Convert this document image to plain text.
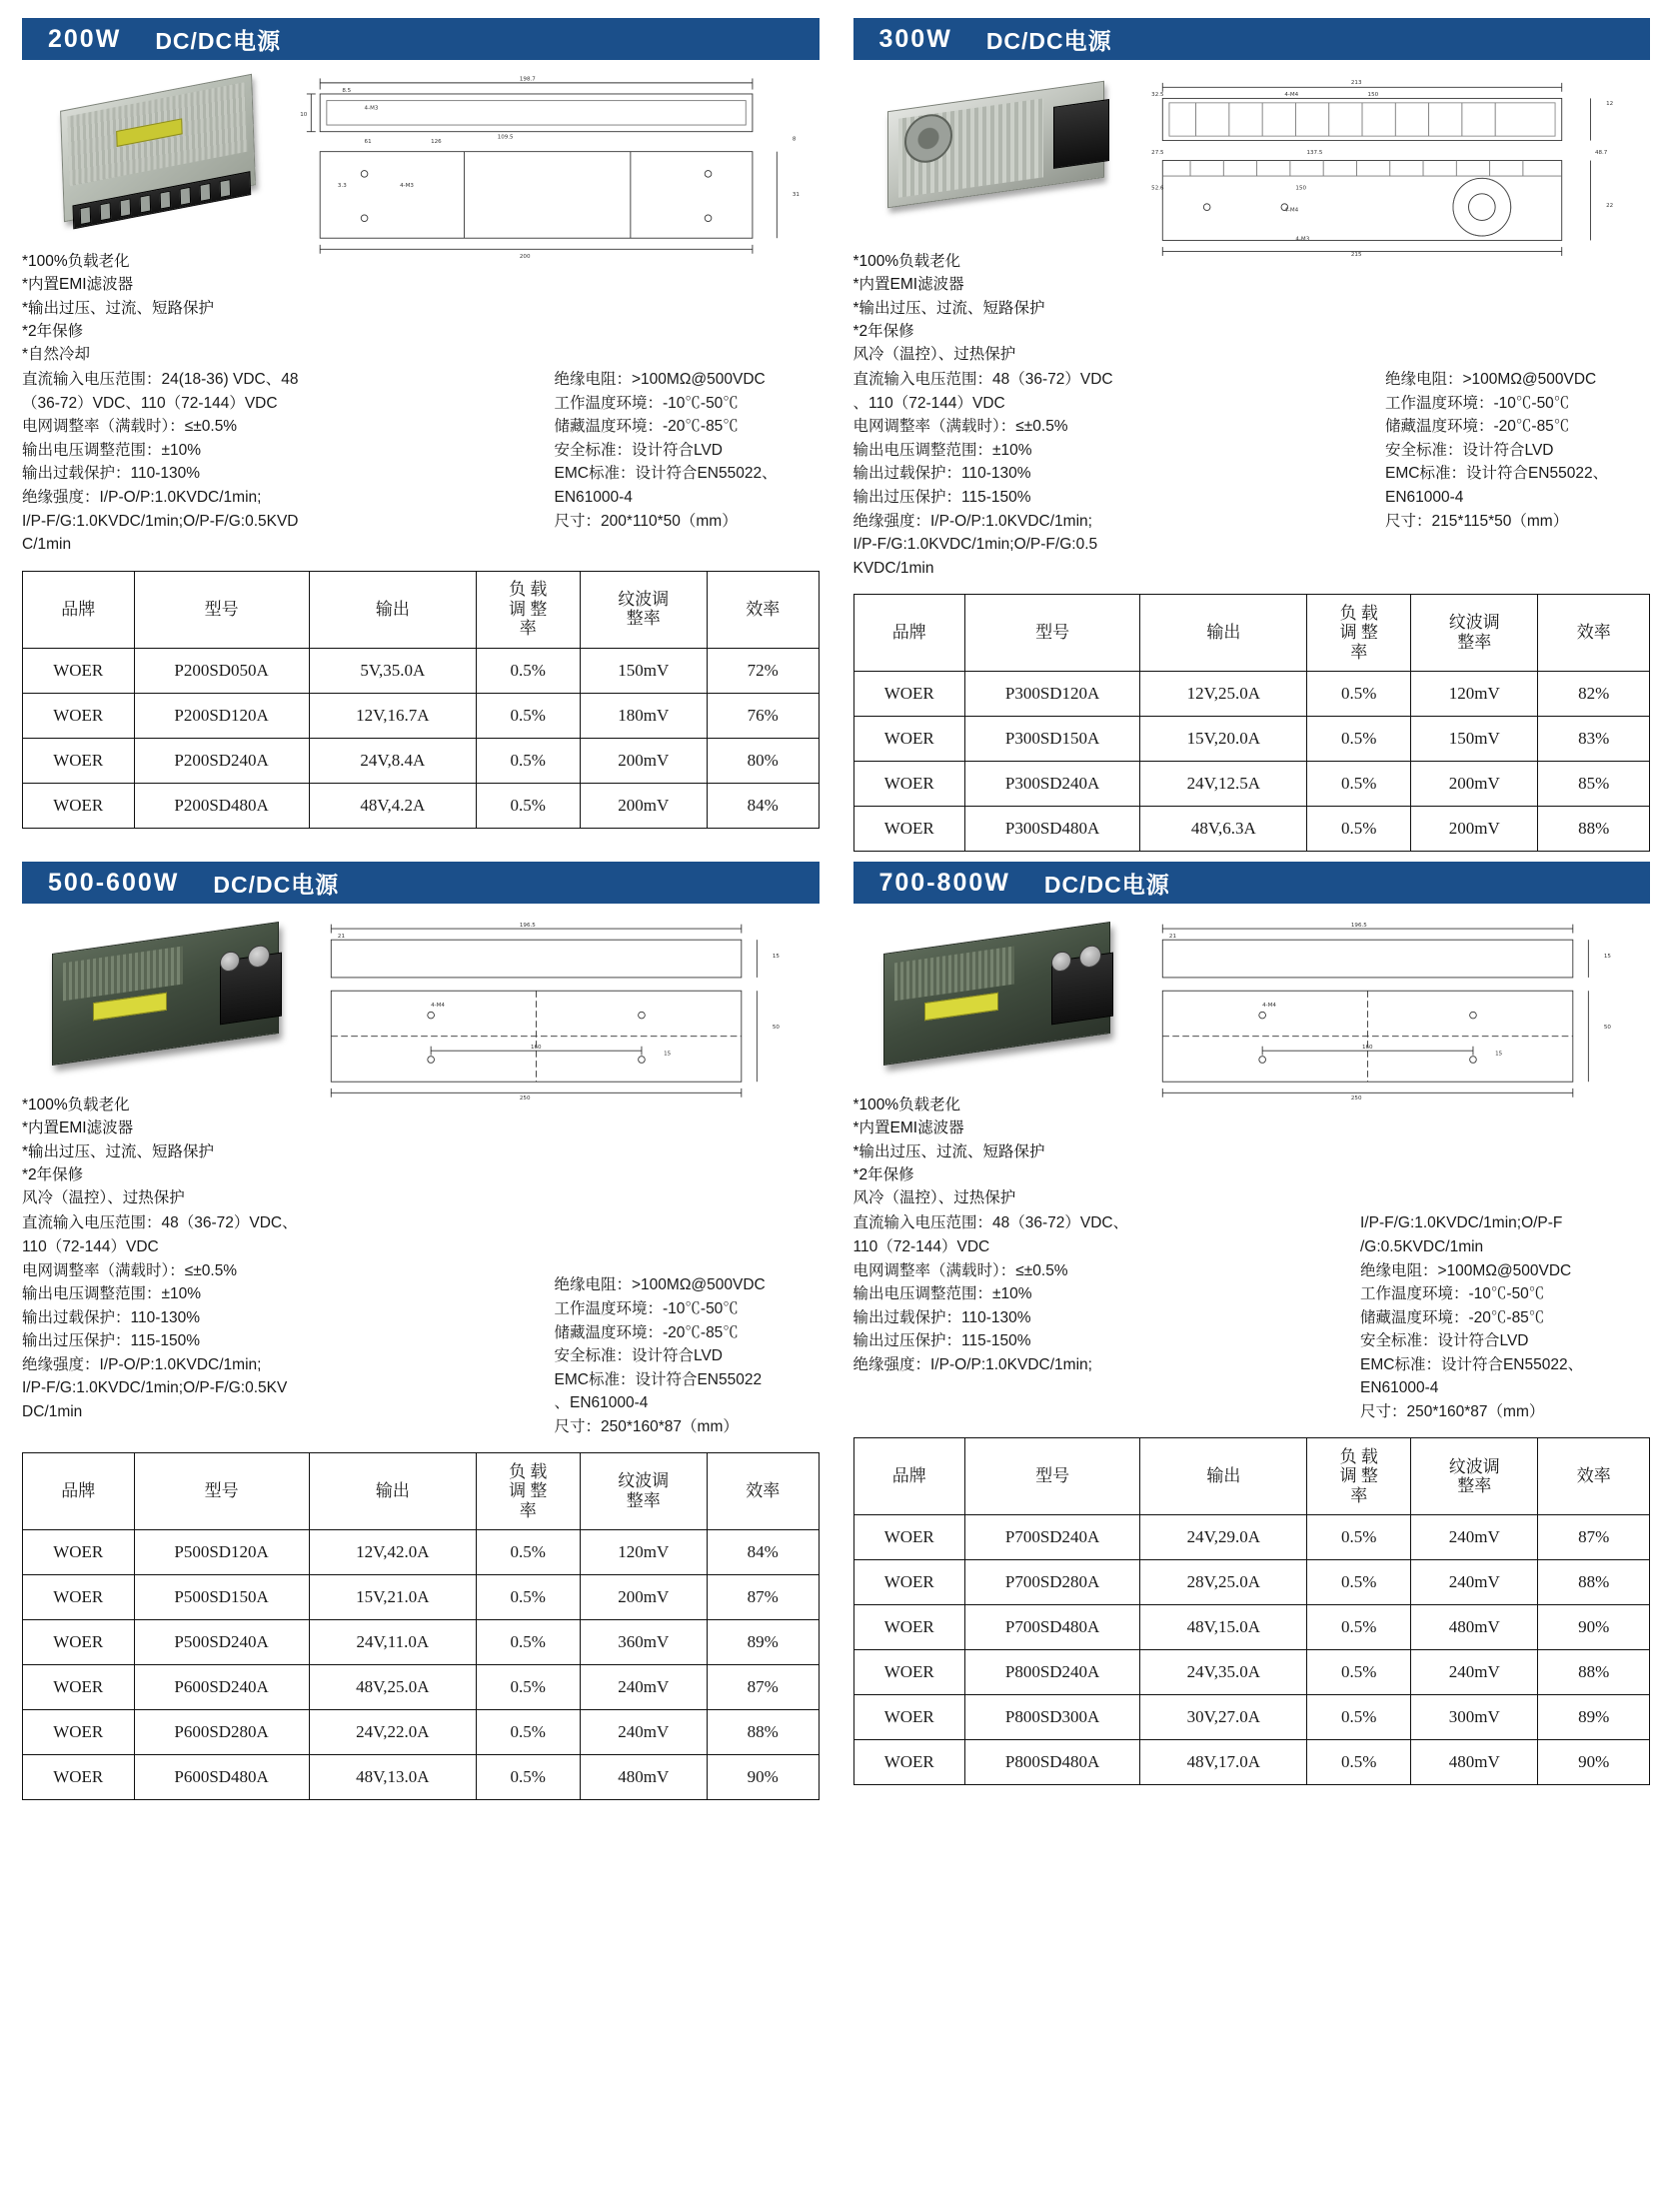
200W DC/DC电源
198.7
8.5
4-M3
10
126
61
109.5
3.3	4-M3
200
8
31
*100%负载老化
*内置EMI滤波器
*输出过压、过流、短路保护
*2年保修
*自然冷却
直流输入电压范围：24(18-36) VDC、48
（36-72）VDC、110（72-144）VDC
电网调整率（满载时）：≤±0.5%
输出电压调整范围：±10%
输出过载保护：110-130%
绝缘强度：I/P-O/P:1.0KVDC/1min;
I/P-F/G:1.0KVDC/1min;O/P-F/G:0.5KVD
C/1min
绝缘电阻：>100MΩ@500VDC
工作温度环境：-10℃-50℃
储藏温度环境：-20℃-85℃
安全标准：设计符合LVD
EMC标准：设计符合EN55022、
EN61000-4
尺寸：200*110*50（mm）
品牌	型号	输出	负 载
调 整
率	纹波调
整率	效率
WOER	P200SD050A	5V,35.0A	0.5%	150mV	72%
WOER	P200SD120A	12V,16.7A	0.5%	180mV	76%
WOER	P200SD240A	24V,8.4A	0.5%	200mV	80%
WOER	P200SD480A	48V,4.2A	0.5%	200mV	84%
300W DC/DC电源
213
150
32.5
12
4-M4
27.5	137.5	48.7
52.6	150
4-M4
4-M3
22
215
*100%负载老化
*内置EMI滤波器
*输出过压、过流、短路保护
*2年保修
风冷（温控）、过热保护
直流输入电压范围：48（36-72）VDC
、110（72-144）VDC
电网调整率（满载时）：≤±0.5%
输出电压调整范围：±10%
输出过载保护：110-130%
输出过压保护：115-150%
绝缘强度：I/P-O/P:1.0KVDC/1min;
I/P-F/G:1.0KVDC/1min;O/P-F/G:0.5
KVDC/1min
绝缘电阻：>100MΩ@500VDC
工作温度环境：-10℃-50℃
储藏温度环境：-20℃-85℃
安全标准：设计符合LVD
EMC标准：设计符合EN55022、
EN61000-4
尺寸：215*115*50（mm）
品牌	型号	输出	负 载
调 整
率	纹波调
整率	效率
WOER	P300SD120A	12V,25.0A	0.5%	120mV	82%
WOER	P300SD150A	15V,20.0A	0.5%	150mV	83%
WOER	P300SD240A	24V,12.5A	0.5%	200mV	85%
WOER	P300SD480A	48V,6.3A	0.5%	200mV	88%
500-600W DC/DC电源
196.5
21
15
4-M4
50
160
15
250
*100%负载老化
*内置EMI滤波器
*输出过压、过流、短路保护
*2年保修
风冷（温控）、过热保护
直流输入电压范围：48（36-72）VDC、
110（72-144）VDC
电网调整率（满载时）：≤±0.5%
输出电压调整范围：±10%
输出过载保护：110-130%
输出过压保护：115-150%
绝缘强度：I/P-O/P:1.0KVDC/1min;
I/P-F/G:1.0KVDC/1min;O/P-F/G:0.5KV
DC/1min
绝缘电阻：>100MΩ@500VDC
工作温度环境：-10℃-50℃
储藏温度环境：-20℃-85℃
安全标准：设计符合LVD
EMC标准：设计符合EN55022
、EN61000-4
尺寸：250*160*87（mm）
品牌	型号	输出	负 载
调 整
率	纹波调
整率	效率
WOER	P500SD120A	12V,42.0A	0.5%	120mV	84%
WOER	P500SD150A	15V,21.0A	0.5%	200mV	87%
WOER	P500SD240A	24V,11.0A	0.5%	360mV	89%
WOER	P600SD240A	48V,25.0A	0.5%	240mV	87%
WOER	P600SD280A	24V,22.0A	0.5%	240mV	88%
WOER	P600SD480A	48V,13.0A	0.5%	480mV	90%
700-800W DC/DC电源
196.5
21
15
4-M4
50
160
15
250
*100%负载老化
*内置EMI滤波器
*输出过压、过流、短路保护
*2年保修
风冷（温控）、过热保护
直流输入电压范围：48（36-72）VDC、
110（72-144）VDC
电网调整率（满载时）：≤±0.5%
输出电压调整范围：±10%
输出过载保护：110-130%
输出过压保护：115-150%
绝缘强度：I/P-O/P:1.0KVDC/1min;
I/P-F/G:1.0KVDC/1min;O/P-F
/G:0.5KVDC/1min
绝缘电阻：>100MΩ@500VDC
工作温度环境：-10℃-50℃
储藏温度环境：-20℃-85℃
安全标准：设计符合LVD
EMC标准：设计符合EN55022、
EN61000-4
尺寸：250*160*87（mm）
品牌	型号	输出	负 载
调 整
率	纹波调
整率	效率
WOER	P700SD240A	24V,29.0A	0.5%	240mV	87%
WOER	P700SD280A	28V,25.0A	0.5%	240mV	88%
WOER	P700SD480A	48V,15.0A	0.5%	480mV	90%
WOER	P800SD240A	24V,35.0A	0.5%	240mV	88%
WOER	P800SD300A	30V,27.0A	0.5%	300mV	89%
WOER	P800SD480A	48V,17.0A	0.5%	480mV	90%
